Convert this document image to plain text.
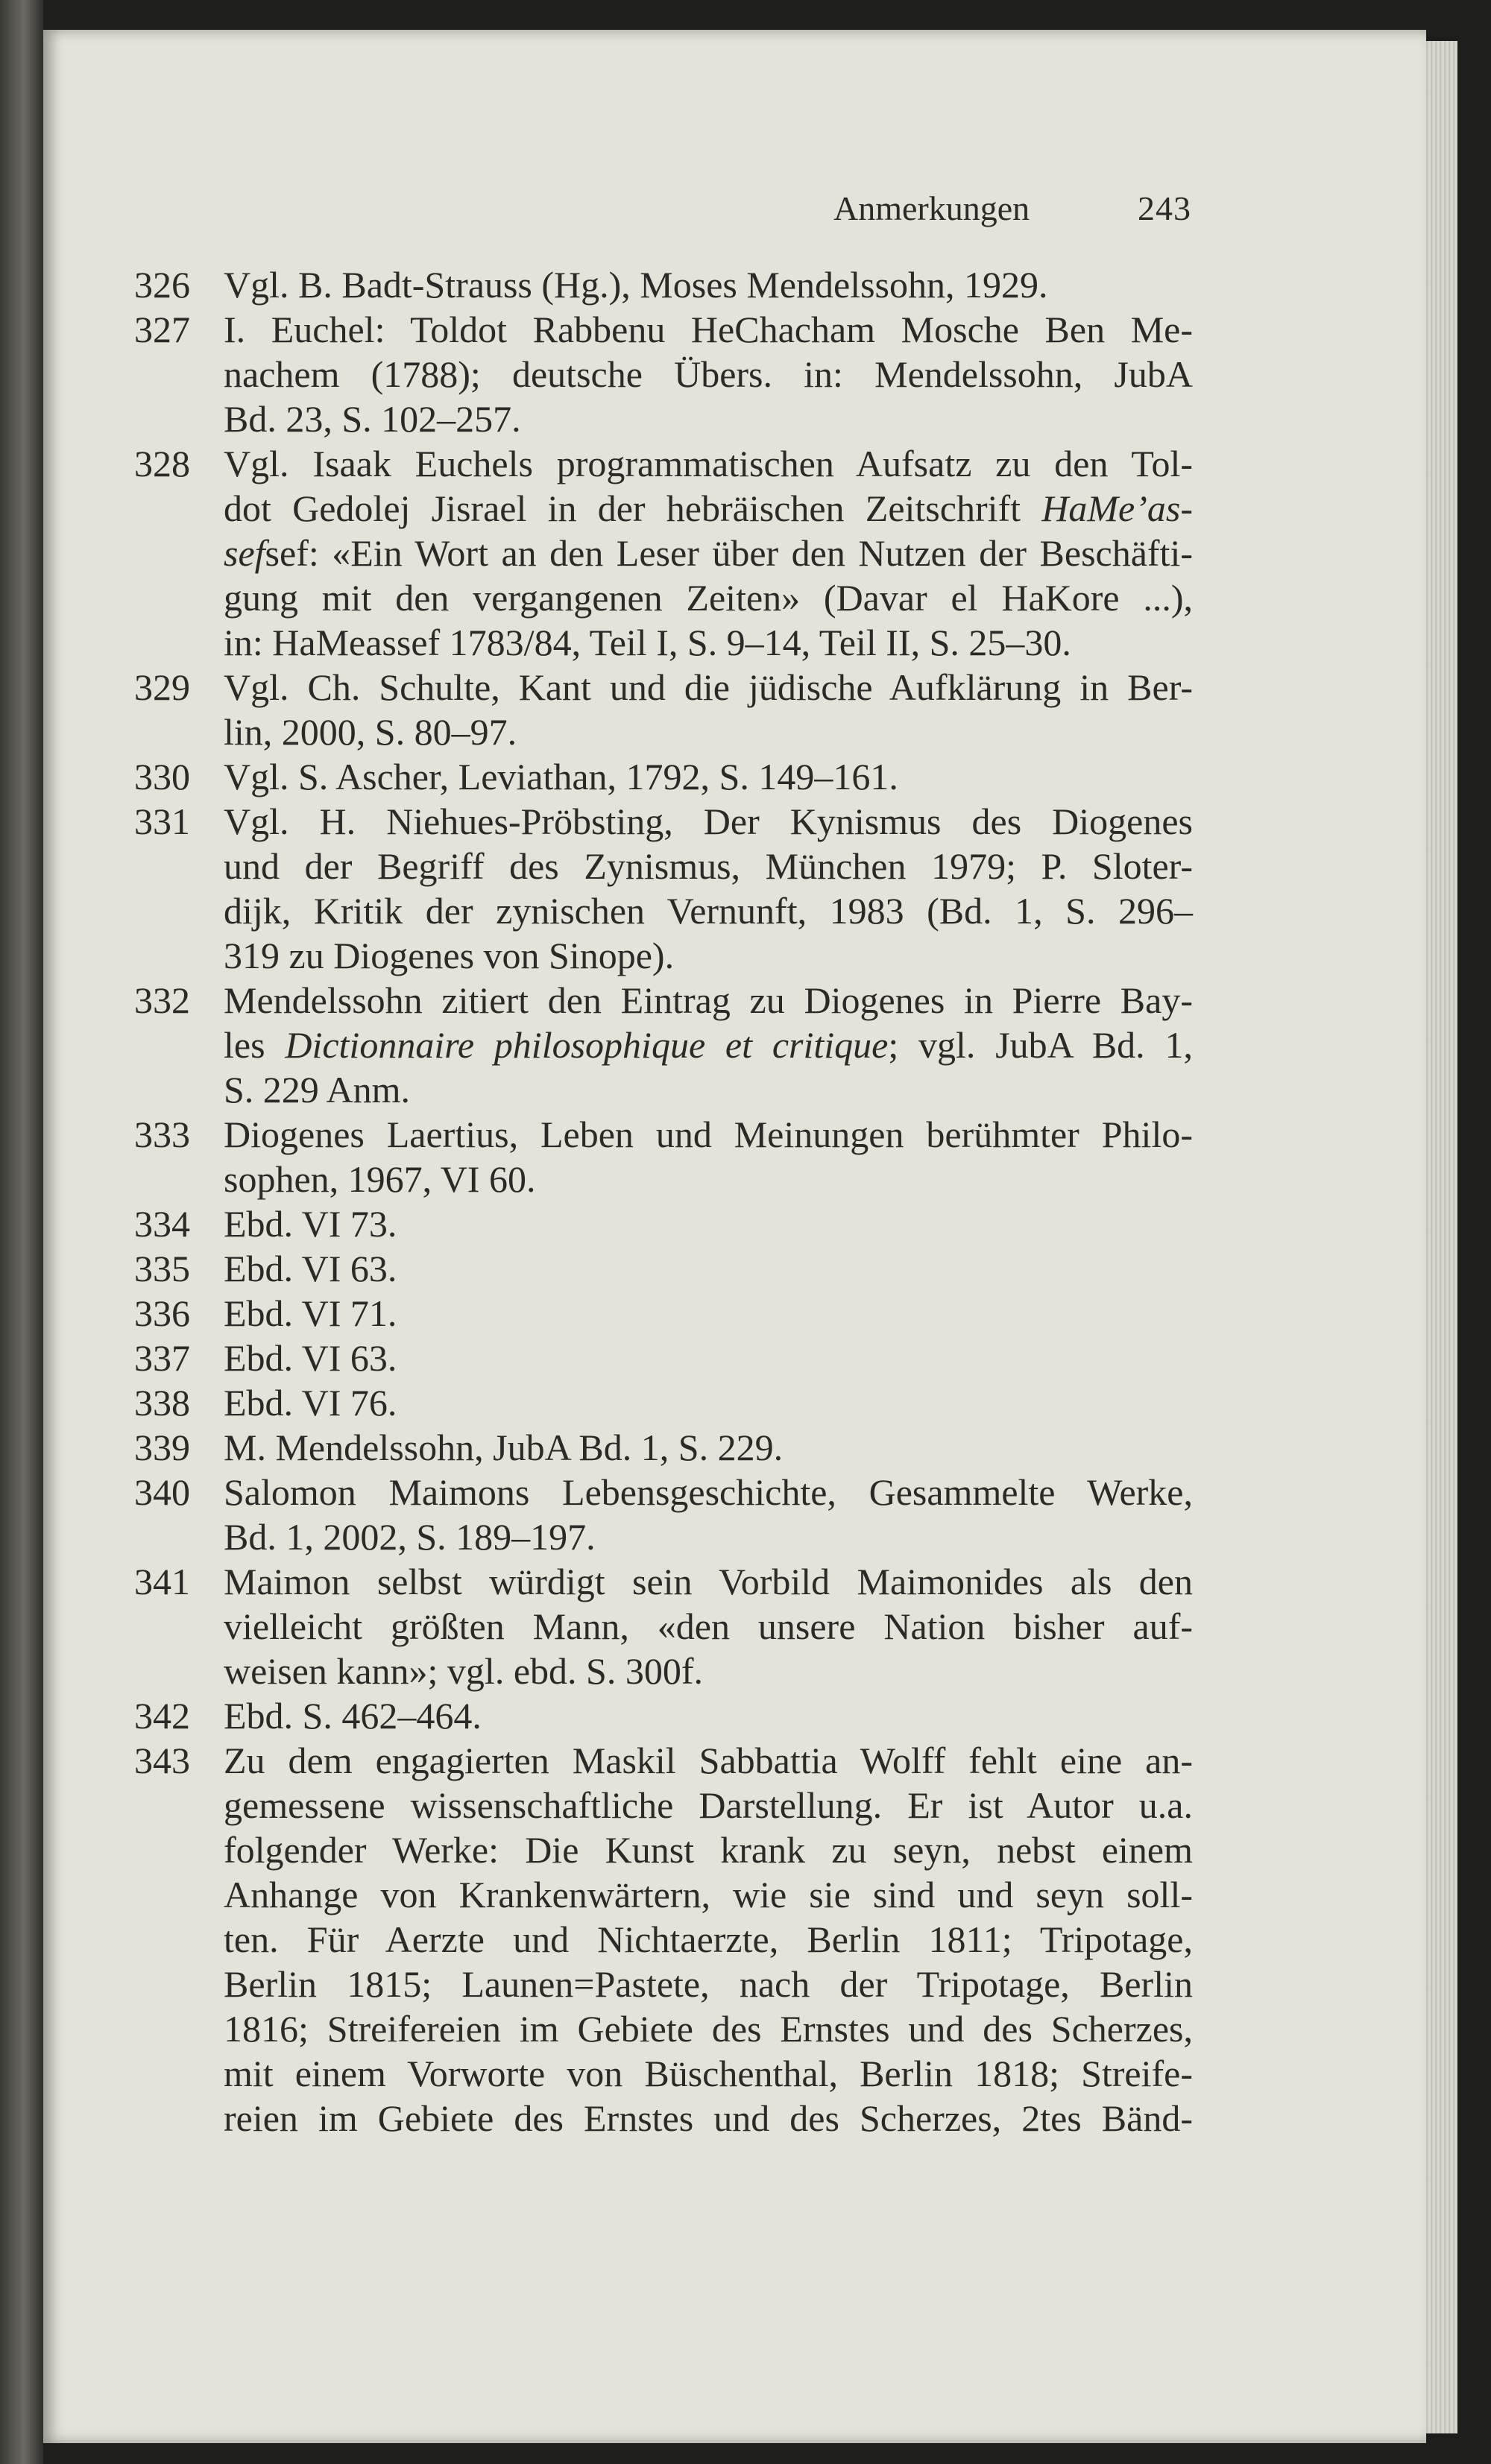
Anmerkungen	243
326 Vgl. B. Badt-Strauss (Hg.), Moses Mendelssohn, 1929.
327 I. Euchel: Toldot Rabbenu HeChacham Mosche Ben Me-
nachem (1788); deutsche Übers. in: Mendelssohn, JubA
Bd. 23, S. 102–257.
328 Vgl. Isaak Euchels programmatischen Aufsatz zu den Tol-
dot Gedolej Jisrael in der hebräischen Zeitschrift HaMe’as-
sefsef: «Ein Wort an den Leser über den Nutzen der Beschäfti-
gung mit den vergangenen Zeiten» (Davar el HaKore ...),
in: HaMeassef 1783/84, Teil I, S. 9–14, Teil II, S. 25–30.
329 Vgl. Ch. Schulte, Kant und die jüdische Aufklärung in Ber-
lin, 2000, S. 80–97.
330 Vgl. S. Ascher, Leviathan, 1792, S. 149–161.
331 Vgl. H. Niehues-Pröbsting, Der Kynismus des Diogenes
und der Begriff des Zynismus, München 1979; P. Sloter-
dijk, Kritik der zynischen Vernunft, 1983 (Bd. 1, S. 296–
319 zu Diogenes von Sinope).
332 Mendelssohn zitiert den Eintrag zu Diogenes in Pierre Bay-
les Dictionnaire philosophique et critique; vgl. JubA Bd. 1,
S. 229 Anm.
333 Diogenes Laertius, Leben und Meinungen berühmter Philo-
sophen, 1967, VI 60.
334 Ebd. VI 73.
335 Ebd. VI 63.
336 Ebd. VI 71.
337 Ebd. VI 63.
338 Ebd. VI 76.
339 M. Mendelssohn, JubA Bd. 1, S. 229.
340 Salomon Maimons Lebensgeschichte, Gesammelte Werke,
Bd. 1, 2002, S. 189–197.
341 Maimon selbst würdigt sein Vorbild Maimonides als den
vielleicht größten Mann, «den unsere Nation bisher auf-
weisen kann»; vgl. ebd. S. 300f.
342 Ebd. S. 462–464.
343 Zu dem engagierten Maskil Sabbattia Wolff fehlt eine an-
gemessene wissenschaftliche Darstellung. Er ist Autor u.a.
folgender Werke: Die Kunst krank zu seyn, nebst einem
Anhange von Krankenwärtern, wie sie sind und seyn soll-
ten. Für Aerzte und Nichtaerzte, Berlin 1811; Tripotage,
Berlin 1815; Launen=Pastete, nach der Tripotage, Berlin
1816; Streifereien im Gebiete des Ernstes und des Scherzes,
mit einem Vorworte von Büschenthal, Berlin 1818; Streife-
reien im Gebiete des Ernstes und des Scherzes, 2tes Bänd-
